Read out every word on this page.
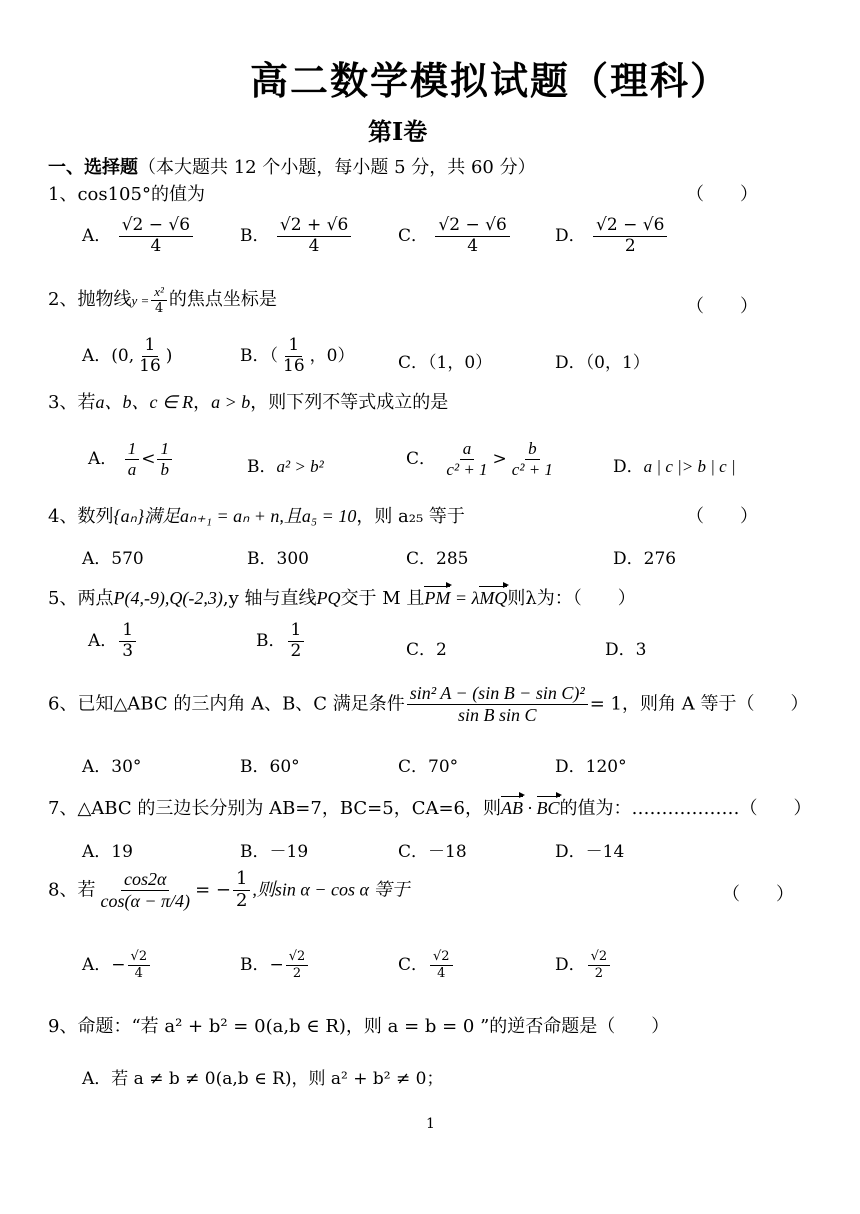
高二数学模拟试题（理科）
第Ⅰ卷
一、选择题（本大题共 12 个小题，每小题 5 分，共 60 分）
1、cos105°的值为	（　　）
A． $\frac{√2 - √6}{4}$	B． $\frac{√2 + √6}{4}$	C． $\frac{√2 - √6}{4}$	D． $\frac{√2 - √6}{2}$
2、抛物线$y = \frac{\text{x²}}{4}$ 的焦点坐标是	（　　）
A．(0, $\frac{1}{16}$ )	B．（ $\frac{1}{16}$ ，0）	C．（1，0）	D．（0，1）
3、若a、b、c ∈ R，a > b，则下列不等式成立的是
A． $\frac{1}{a} < \frac{1}{b}$	B．a² > b²	C． $\frac{a}{\text{c² + 1}} > \frac{b}{\text{c² + 1}}$	D．a | c |> b | c |
4、数列{aₙ}满足aₙ₊₁ = aₙ + n,且a₅ = 10，则 a₂₅ 等于	（　　）
A．570	B．300	C．285	D．276
5、两点P(4,-9),Q(-2,3),y 轴与直线PQ交于 M 且PM = λMQ则λ为：（　　）
A． $\frac{1}{3}$	B． $\frac{1}{2}$	C．2	D．3
6、已知△ABC 的三内角 A、B、C 满足条件 $\frac{\text{sin² A − (sin B − sin C)²}}{\text{sin B sin C}} = 1$，则角 A 等于（　　）
A．30°	B．60°	C．70°	D．120°
7、△ABC 的三边长分别为 AB=7，BC=5，CA=6，则AB · BC的值为：………………（　　）
A．19	B．－19	C．－18	D．－14
8、若 $\frac{\cos 2\alpha}{\cos(\alpha - \pi/4)}$ = − $\frac{1}{2}$ ,则sin α − cos α 等于	（　　）
A．− $\frac{√2}{4}$	B．− $\frac{√2}{2}$	C． $\frac{√2}{4}$	D． $\frac{√2}{2}$
9、命题：“若 a² + b² = 0(a,b ∈ R)，则 a = b = 0 ”的逆否命题是（　　）
A．若 a ≠ b ≠ 0(a,b ∈ R)，则 a² + b² ≠ 0；
1
